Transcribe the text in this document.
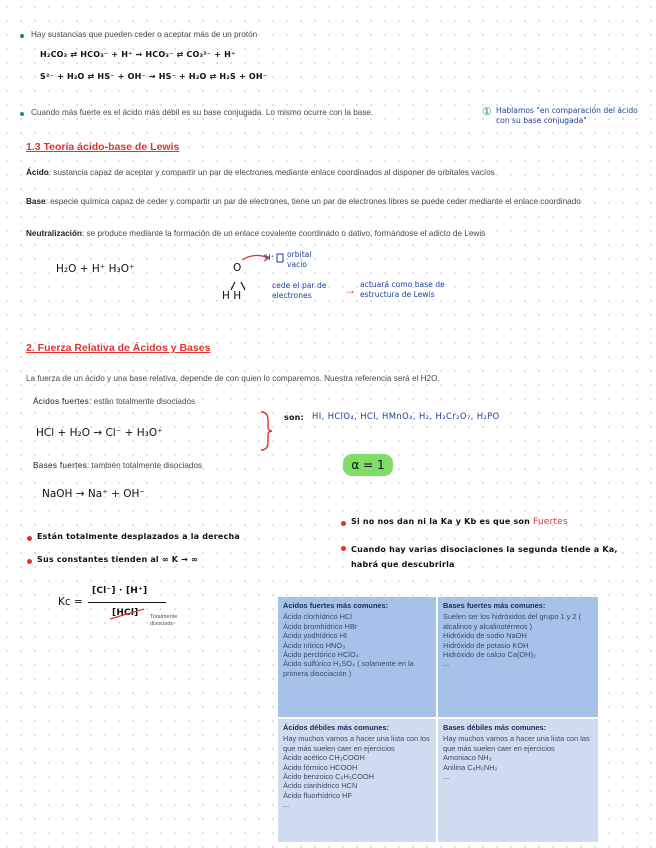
Hay sustancias que pueden ceder o aceptar más de un protón
H₂CO₃ ⇄ HCO₃⁻ + H⁺ ⇝ HCO₃⁻ ⇄ CO₃²⁻ + H⁺
S²⁻ + H₂O ⇄ HS⁻ + OH⁻ ⇝ HS⁻ + H₂O ⇄ H₂S + OH⁻
Cuando más fuerte es el ácido más débil es su base conjugada. Lo mismo ocurre con la base.	① Hablamos "en comparación del ácido con su base conjugada"
1.3 Teoría ácido-base de Lewis
Ácido: sustancia capaz de aceptar y compartir un par de electrones mediante enlace coordinados al disponer de orbitales vacíos
Base: especie química capaz de ceder y compartir un par de electrones, tiene un par de electrones libres se puede ceder mediante el enlace coordinado
Neutralización: se produce mediante la formación de un enlace covalente coordinado o dativo, formándose el adicto de Lewis
H₂O + H⁺ H₃O⁺	O
H H
H⁺ orbital vacío
cede el par de electrones	→ actuará como base de estructura de Lewis
2. Fuerza Relativa de Ácidos y Bases
La fuerza de un ácido y una base relativa, depende de con quien lo comparemos. Nuestra referencia será el H2O.
Ácidos fuertes: están totalmente disociados
HCl + H₂O → Cl⁻ + H₃O⁺
son: HI, HClO₄, HCl, HMnO₄, H₂, H₂Cr₂O₇, H₂PO
Bases fuertes: también totalmente disociados	α = 1
NaOH → Na⁺ + OH⁻
Están totalmente desplazados a la derecha
Sus constantes tienden al ∞ K → ∞
Kc =
[Cl⁻] · [H⁺]
[HCl] Totalmente disociado
Si no nos dan ni la Ka y Kb es que son Fuertes
Cuando hay varias disociaciones la segunda tiende a Ka, habrá que descubrirla
Ácidos fuertes más comunes:
Ácido clorhídrico HCl
Ácido bromhídrico HBr
Ácido yodhídrico HI
Ácido nítrico HNO₃
Ácido perclórico HClO₄
Ácido sulfúrico H₂SO₄ ( solamente en la primera disociación )
Bases fuertes más comunes:
Suelen ser los hidróxidos del grupo 1 y 2 ( alcalinos y alcalinotérreos )
Hidróxido de sodio NaOH
Hidróxido de potasio KOH
Hidróxido de calcio Ca(OH)₂
...
Ácidos débiles más comunes:
Hay muchos vamos a hacer una lista con los que más suelen caer en ejercicios
Ácido acético CH₃COOH
Ácido fórmico HCOOH
Ácido benzoico C₆H₅COOH
Ácido cianhídrico HCN
Ácido fluorhídrico HF
...
Bases débiles más comunes:
Hay muchos vamos a hacer una lista con las que más suelen caer en ejercicios
Amoniaco NH₃
Anilina C₆H₅NH₂
...
